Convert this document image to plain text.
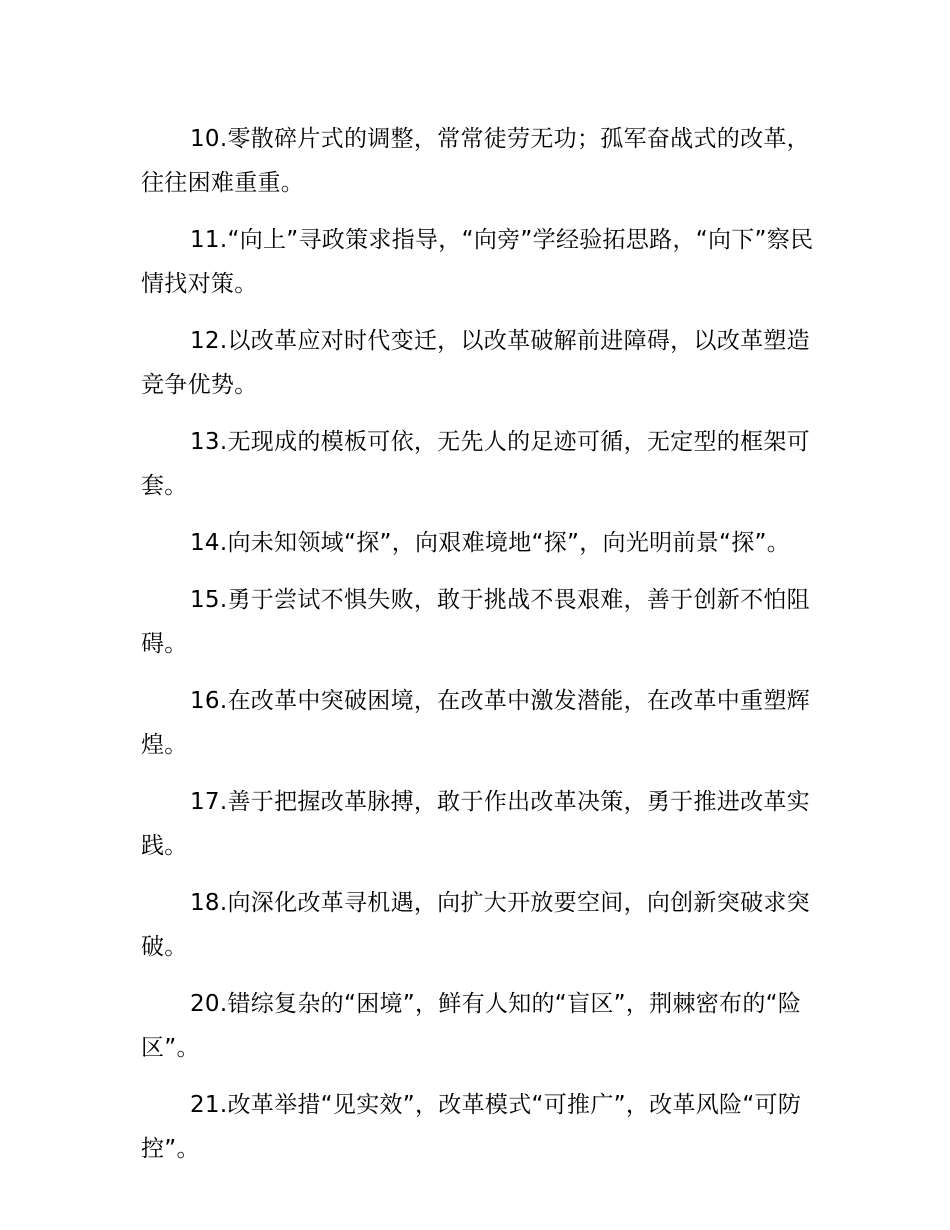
10.零散碎片式的调整，常常徒劳无功；孤军奋战式的改革，往往困难重重。

11.“向上”寻政策求指导，“向旁”学经验拓思路，“向下”察民情找对策。

12.以改革应对时代变迁，以改革破解前进障碍，以改革塑造竞争优势。

13.无现成的模板可依，无先人的足迹可循，无定型的框架可套。

14.向未知领域“探”，向艰难境地“探”，向光明前景“探”。

15.勇于尝试不惧失败，敢于挑战不畏艰难，善于创新不怕阻碍。

16.在改革中突破困境，在改革中激发潜能，在改革中重塑辉煌。

17.善于把握改革脉搏，敢于作出改革决策，勇于推进改革实践。

18.向深化改革寻机遇，向扩大开放要空间，向创新突破求突破。

20.错综复杂的“困境”，鲜有人知的“盲区”，荆棘密布的“险区”。

21.改革举措“见实效”，改革模式“可推广”，改革风险“可防控”。
